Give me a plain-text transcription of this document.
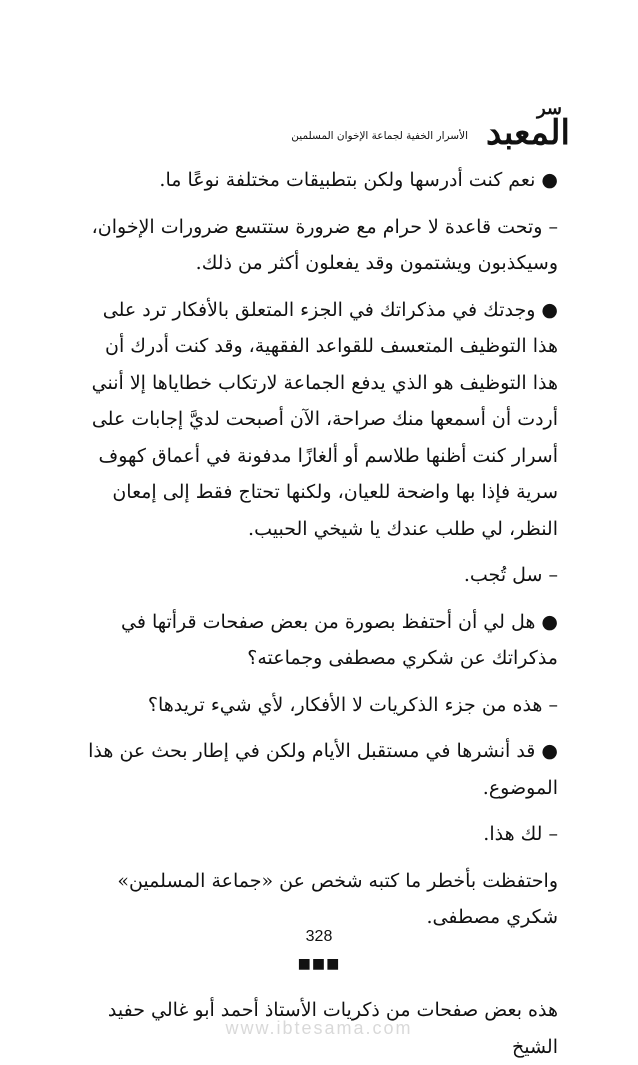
سر
المعبد
الأسرار الخفية لجماعة الإخوان المسلمين

● نعم كنت أدرسها ولكن بتطبيقات مختلفة نوعًا ما.

– وتحت قاعدة لا حرام مع ضرورة ستتسع ضرورات الإخوان، وسيكذبون ويشتمون وقد يفعلون أكثر من ذلك.

● وجدتك في مذكراتك في الجزء المتعلق بالأفكار ترد على هذا التوظيف المتعسف للقواعد الفقهية، وقد كنت أدرك أن هذا التوظيف هو الذي يدفع الجماعة لارتكاب خطاياها إلا أنني أردت أن أسمعها منك صراحة، الآن أصبحت لديَّ إجابات على أسرار كنت أظنها طلاسم أو ألغازًا مدفونة في أعماق كهوف سرية فإذا بها واضحة للعيان، ولكنها تحتاج فقط إلى إمعان النظر، لي طلب عندك يا شيخي الحبيب.

– سل تُجب.

● هل لي أن أحتفظ بصورة من بعض صفحات قرأتها في مذكراتك عن شكري مصطفى وجماعته؟

– هذه من جزء الذكريات لا الأفكار، لأي شيء تريدها؟

● قد أنشرها في مستقبل الأيام ولكن في إطار بحث عن هذا الموضوع.

– لك هذا.

واحتفظت بأخطر ما كتبه شخص عن «جماعة المسلمين» شكري مصطفى.

■■■

هذه بعض صفحات من ذكريات الأستاذ أحمد أبو غالي حفيد الشيخ

328
www.ibtesama.com
